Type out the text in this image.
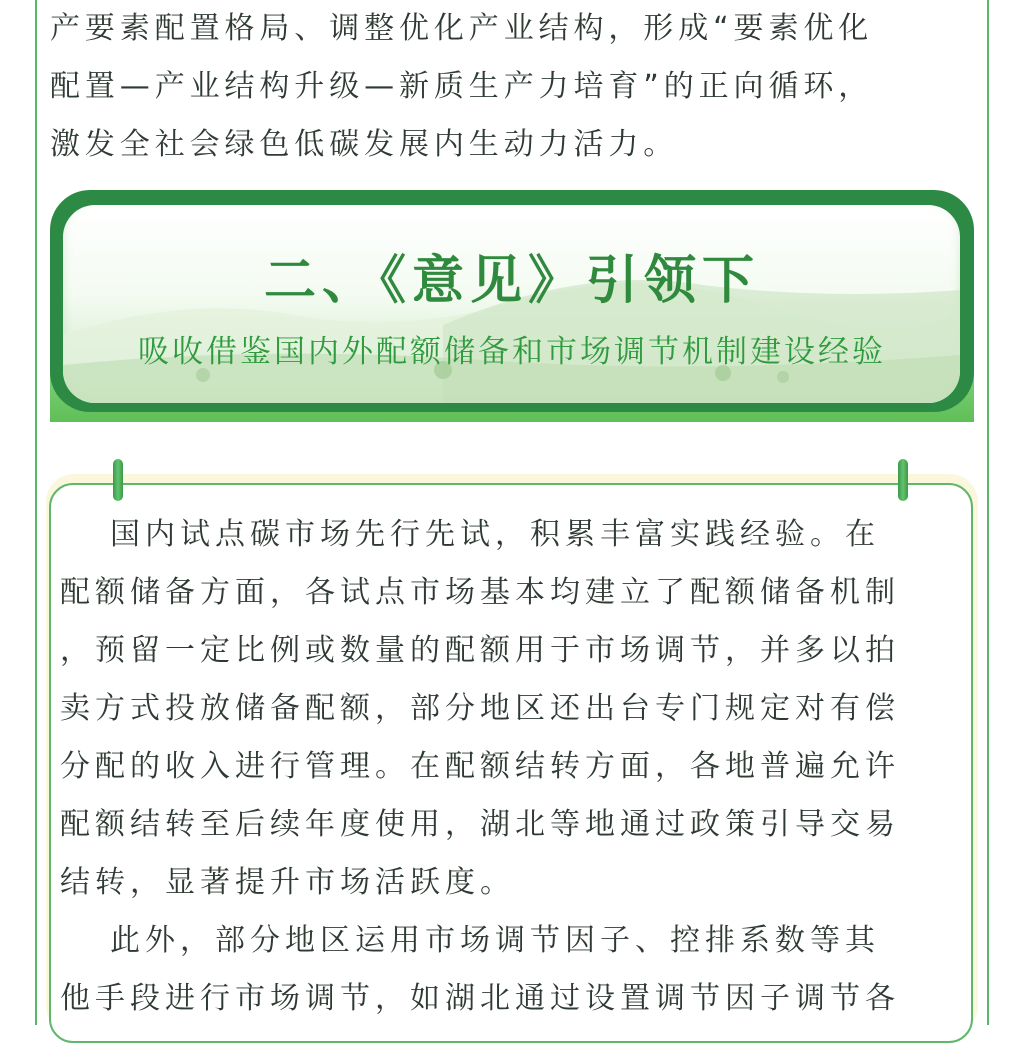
产要素配置格局、调整优化产业结构，形成“要素优化

配置—产业结构升级—新质生产力培育”的正向循环，

激发全社会绿色低碳发展内生动力活力。

二、《意见》引领下
吸收借鉴国内外配额储备和市场调节机制建设经验

国内试点碳市场先行先试，积累丰富实践经验。在
配额储备方面，各试点市场基本均建立了配额储备机制
，预留一定比例或数量的配额用于市场调节，并多以拍
卖方式投放储备配额，部分地区还出台专门规定对有偿
分配的收入进行管理。在配额结转方面，各地普遍允许
配额结转至后续年度使用，湖北等地通过政策引导交易
结转，显著提升市场活跃度。

此外，部分地区运用市场调节因子、控排系数等其
他手段进行市场调节，如湖北通过设置调节因子调节各
